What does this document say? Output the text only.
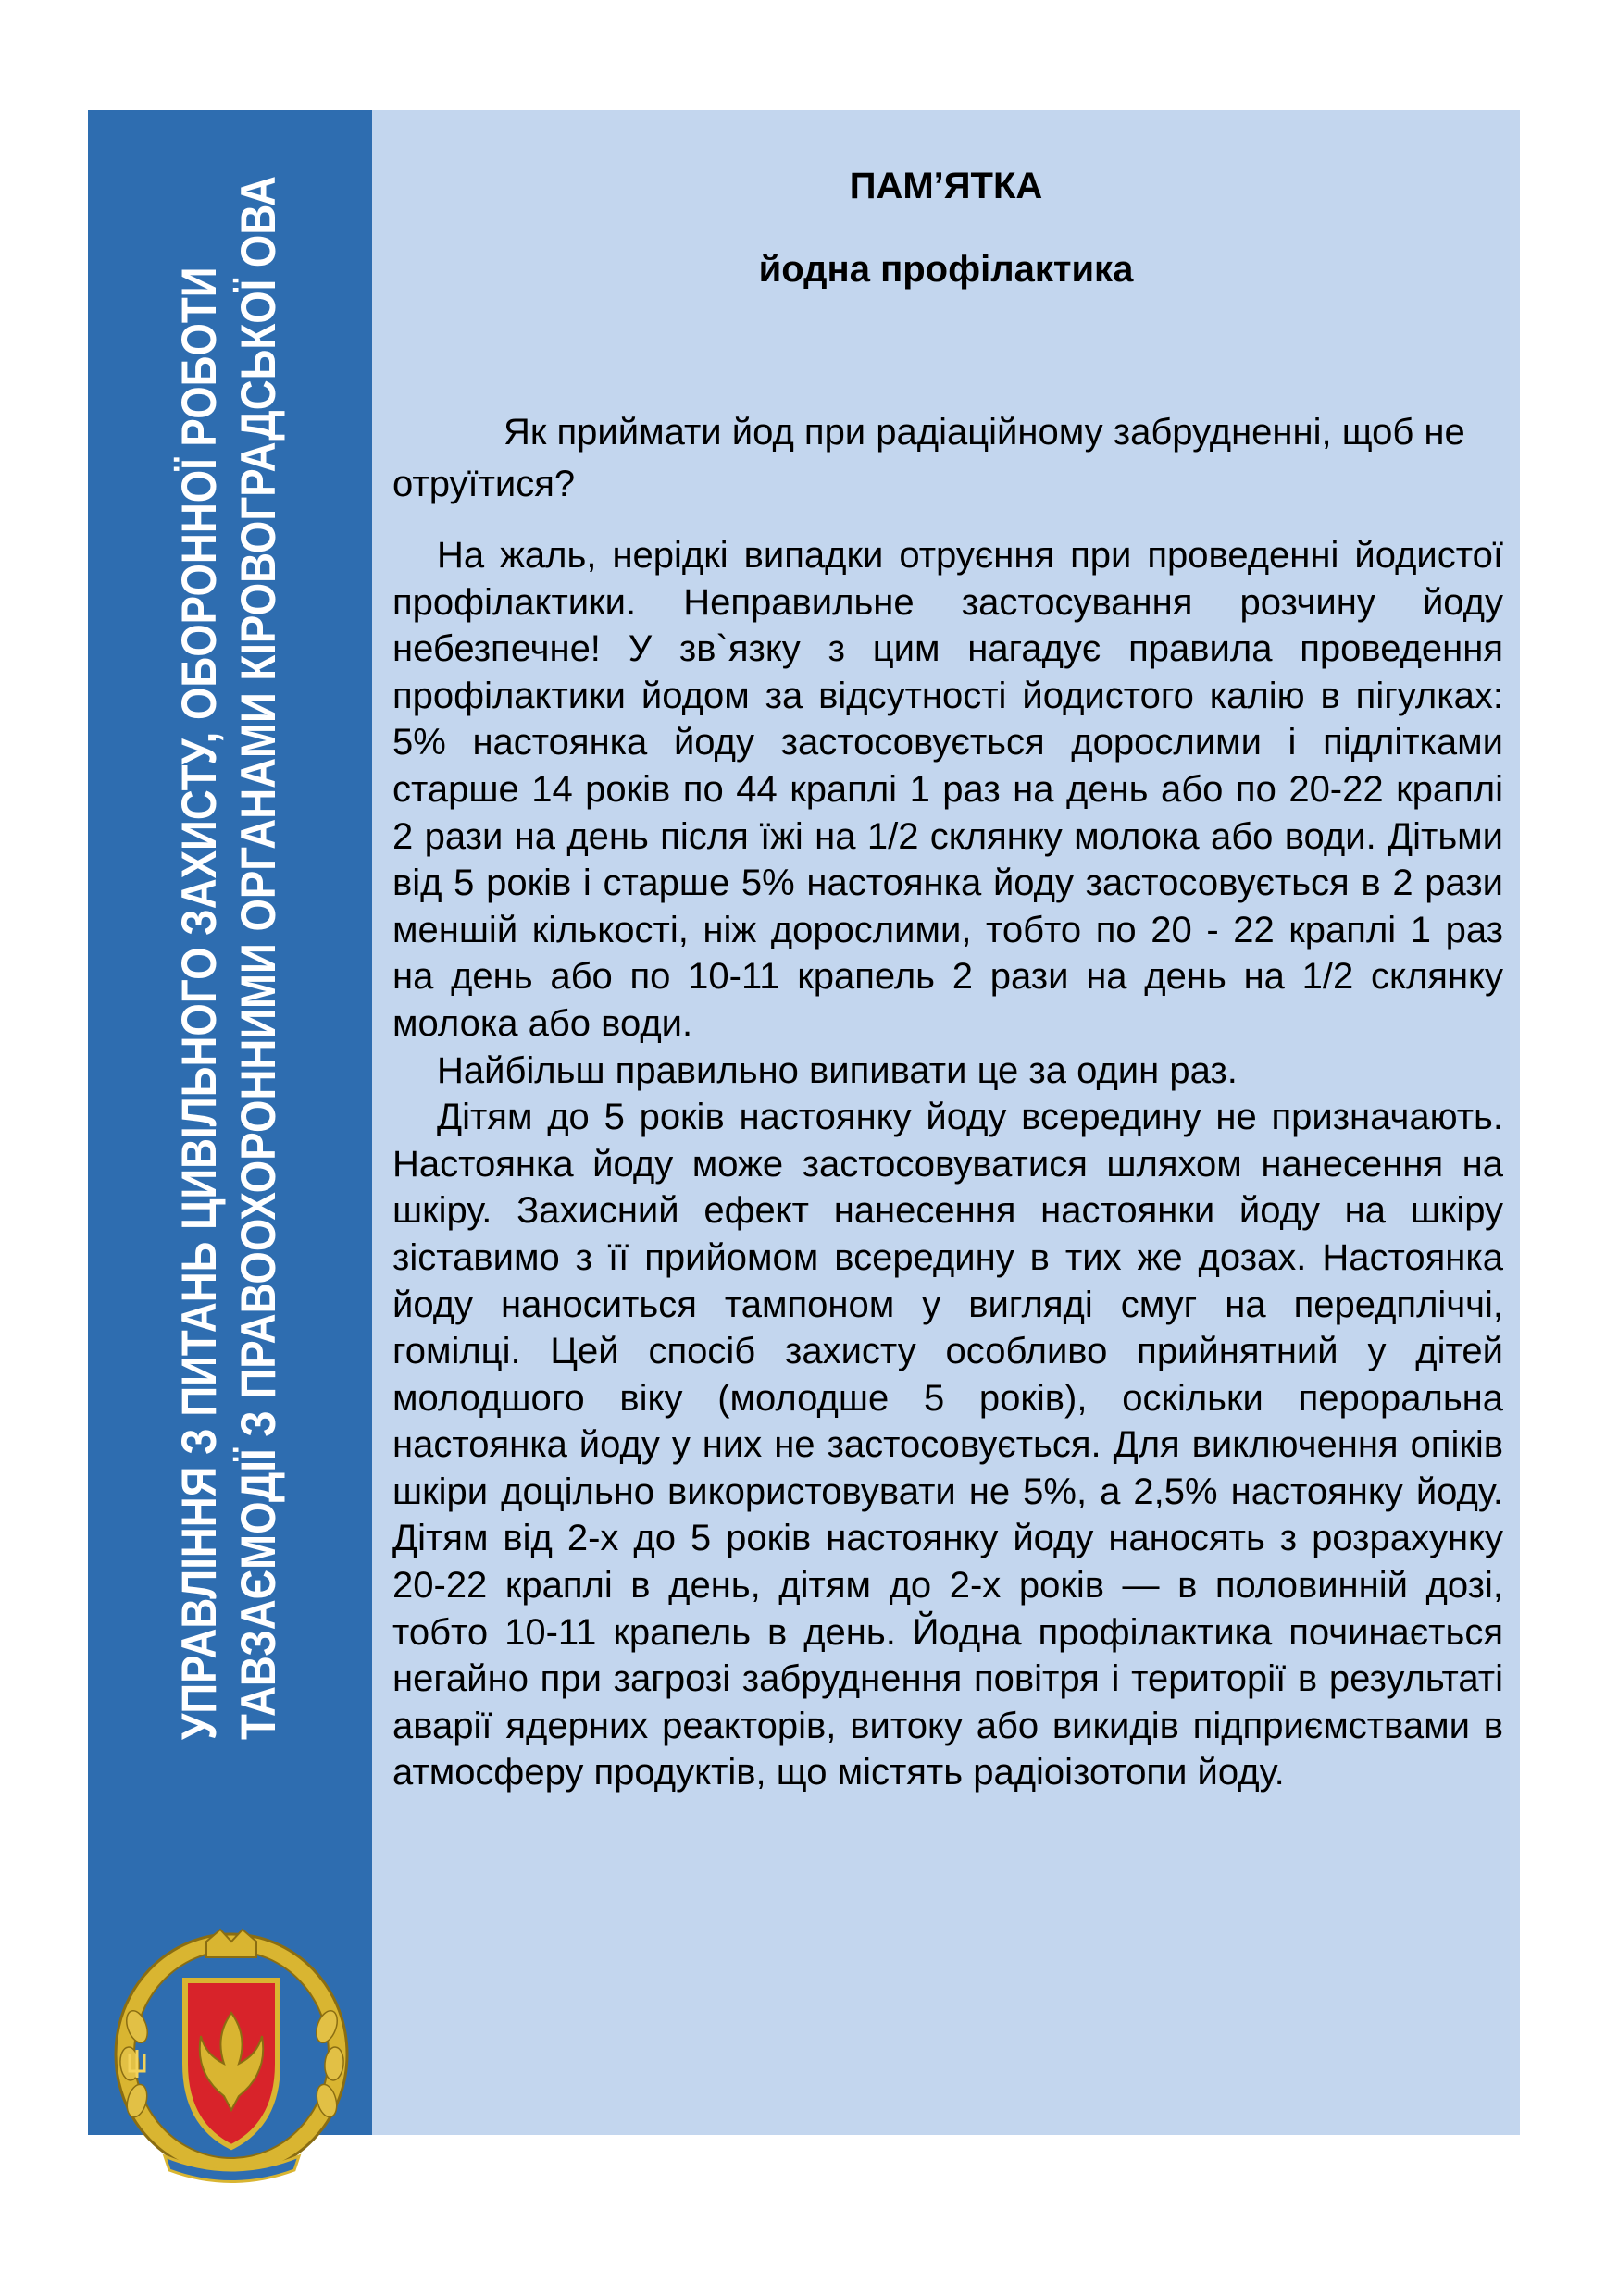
УПРАВЛІННЯ З ПИТАНЬ ЦИВІЛЬНОГО ЗАХИСТУ, ОБОРОННОЇ РОБОТИ ТАВЗАЄМОДІЇ З ПРАВООХОРОННИМИ ОРГАНАМИ КІРОВОГРАДСЬКОЇ ОВА	ПАМ’ЯТКА
йодна профілактика
Як приймати йод при радіаційному забрудненні, щоб не отруїтися?

На жаль, нерідкі випадки отруєння при проведенні йодистої профілактики. Неправильне застосування розчину йоду небезпечне! У зв`язку з цим нагадує правила проведення профілактики йодом за відсутності йодистого калію в пігулках: 5% настоянка йоду застосовується дорослими і підлітками старше 14 років по 44 краплі 1 раз на день або по 20-22 краплі 2 рази на день після їжі на 1/2 склянку молока або води. Дітьми від 5 років і старше 5% настоянка йоду застосовується в 2 рази меншій кількості, ніж дорослими, тобто по 20 - 22 краплі 1 раз на день або по 10-11 крапель 2 рази на день на 1/2 склянку молока або води.

Найбільш правильно випивати це за один раз.

Дітям до 5 років настоянку йоду всередину не призначають. Настоянка йоду може застосовуватися шляхом нанесення на шкіру. Захисний ефект нанесення настоянки йоду на шкіру зіставимо з її прийомом всередину в тих же дозах. Настоянка йоду наноситься тампоном у вигляді смуг на передпліччі, гомілці. Цей спосіб захисту особливо прийнятний у дітей молодшого віку (молодше 5 років), оскільки пероральна настоянка йоду у них не застосовується. Для виключення опіків шкіри доцільно використовувати не 5%, а 2,5% настоянку йоду. Дітям від 2-х до 5 років настоянку йоду наносять з розрахунку 20-22 краплі в день, дітям до 2-х років — в половинній дозі, тобто 10-11 крапель в день. Йодна профілактика починається негайно при загрозі забруднення повітря і території в результаті аварії ядерних реакторів, витоку або викидів підприємствами в атмосферу продуктів, що містять радіоізотопи йоду.
